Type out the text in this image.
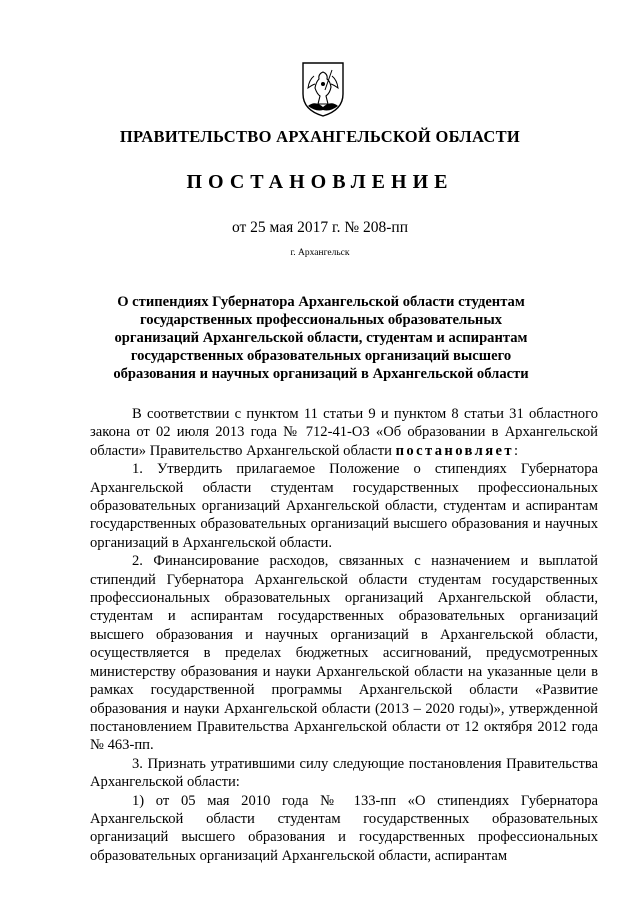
ПРАВИТЕЛЬСТВО АРХАНГЕЛЬСКОЙ ОБЛАСТИ
ПОСТАНОВЛЕНИЕ
от 25 мая 2017 г. № 208-пп
г. Архангельск
О стипендиях Губернатора Архангельской области студентам государственных профессиональных образовательных организаций Архангельской области, студентам и аспирантам государственных образовательных организаций высшего образования и научных организаций в Архангельской области

В соответствии с пунктом 11 статьи 9 и пунктом 8 статьи 31 областного закона от 02 июля 2013 года № 712-41-ОЗ «Об образовании в Архангельской области» Правительство Архангельской области постановляет:

1. Утвердить прилагаемое Положение о стипендиях Губернатора Архангельской области студентам государственных профессиональных образовательных организаций Архангельской области, студентам и аспирантам государственных образовательных организаций высшего образования и научных организаций в Архангельской области.

2. Финансирование расходов, связанных с назначением и выплатой стипендий Губернатора Архангельской области студентам государственных профессиональных образовательных организаций Архангельской области, студентам и аспирантам государственных образовательных организаций высшего образования и научных организаций в Архангельской области, осуществляется в пределах бюджетных ассигнований, предусмотренных министерству образования и науки Архангельской области на указанные цели в рамках государственной программы Архангельской области «Развитие образования и науки Архангельской области (2013 – 2020 годы)», утвержденной постановлением Правительства Архангельской области от 12 октября 2012 года № 463-пп.

3. Признать утратившими силу следующие постановления Правительства Архангельской области:

1) от 05 мая 2010 года № 133-пп «О стипендиях Губернатора Архангельской области студентам государственных образовательных организаций высшего образования и государственных профессиональных образовательных организаций Архангельской области, аспирантам
